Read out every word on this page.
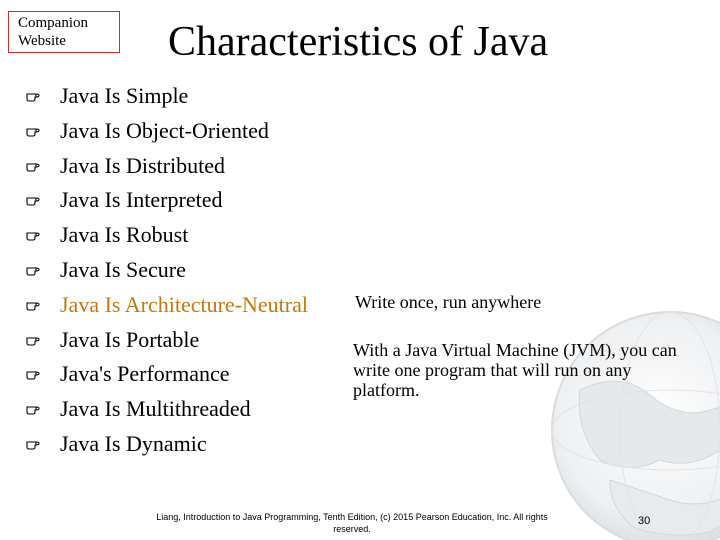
Companion
Website	Characteristics of Java
Java Is Simple
Java Is Object-Oriented
Java Is Distributed
Java Is Interpreted
Java Is Robust
Java Is Secure
Java Is Architecture-Neutral
Java Is Portable
Java's Performance
Java Is Multithreaded
Java Is Dynamic
Write once, run anywhere
With a Java Virtual Machine (JVM), you can write one program that will run on any platform.
Liang, Introduction to Java Programming, Tenth Edition, (c) 2015 Pearson Education, Inc. All rights reserved.
30
